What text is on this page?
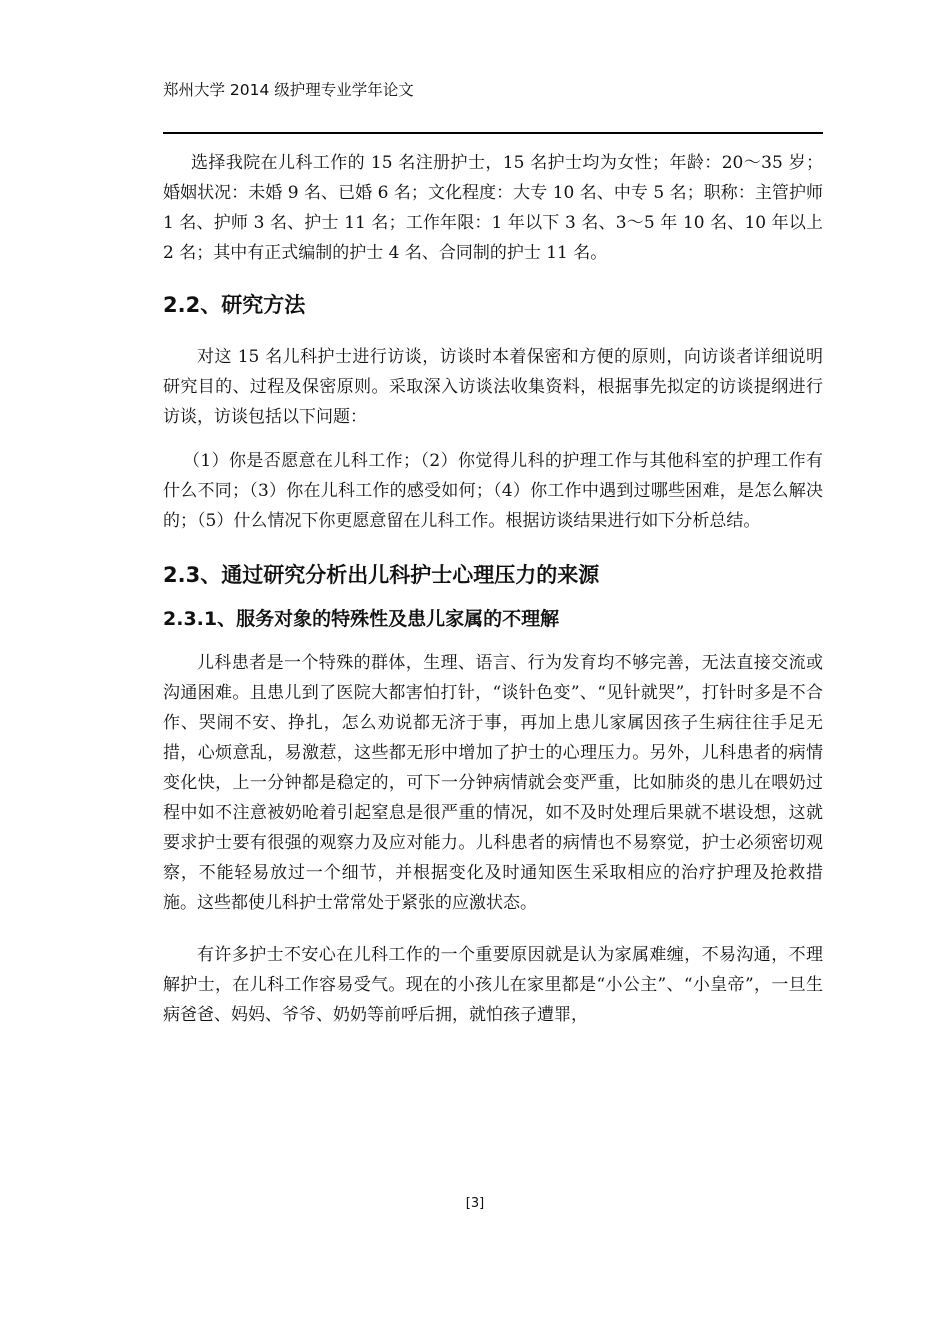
郑州大学 2014 级护理专业学年论文

选择我院在儿科工作的 15 名注册护士，15 名护士均为女性；年龄：20～35 岁；婚姻状况：未婚 9 名、已婚 6 名；文化程度：大专 10 名、中专 5 名；职称：主管护师 1 名、护师 3 名、护士 11 名；工作年限：1 年以下 3 名、3～5 年 10 名、10 年以上 2 名；其中有正式编制的护士 4 名、合同制的护士 11 名。

2.2、研究方法

对这 15 名儿科护士进行访谈，访谈时本着保密和方便的原则，向访谈者详细说明研究目的、过程及保密原则。采取深入访谈法收集资料，根据事先拟定的访谈提纲进行访谈，访谈包括以下问题：

（1）你是否愿意在儿科工作；（2）你觉得儿科的护理工作与其他科室的护理工作有什么不同；（3）你在儿科工作的感受如何；（4）你工作中遇到过哪些困难，是怎么解决的；（5）什么情况下你更愿意留在儿科工作。根据访谈结果进行如下分析总结。

2.3、通过研究分析出儿科护士心理压力的来源
2.3.1、服务对象的特殊性及患儿家属的不理解

儿科患者是一个特殊的群体，生理、语言、行为发育均不够完善，无法直接交流或沟通困难。且患儿到了医院大都害怕打针，“谈针色变”、“见针就哭”，打针时多是不合作、哭闹不安、挣扎，怎么劝说都无济于事，再加上患儿家属因孩子生病往往手足无措，心烦意乱，易激惹，这些都无形中增加了护士的心理压力。另外，儿科患者的病情变化快，上一分钟都是稳定的，可下一分钟病情就会变严重，比如肺炎的患儿在喂奶过程中如不注意被奶呛着引起窒息是很严重的情况，如不及时处理后果就不堪设想，这就要求护士要有很强的观察力及应对能力。儿科患者的病情也不易察觉，护士必须密切观察，不能轻易放过一个细节，并根据变化及时通知医生采取相应的治疗护理及抢救措施。这些都使儿科护士常常处于紧张的应激状态。

有许多护士不安心在儿科工作的一个重要原因就是认为家属难缠，不易沟通，不理解护士，在儿科工作容易受气。现在的小孩儿在家里都是“小公主”、“小皇帝”，一旦生病爸爸、妈妈、爷爷、奶奶等前呼后拥，就怕孩子遭罪，

[3]
